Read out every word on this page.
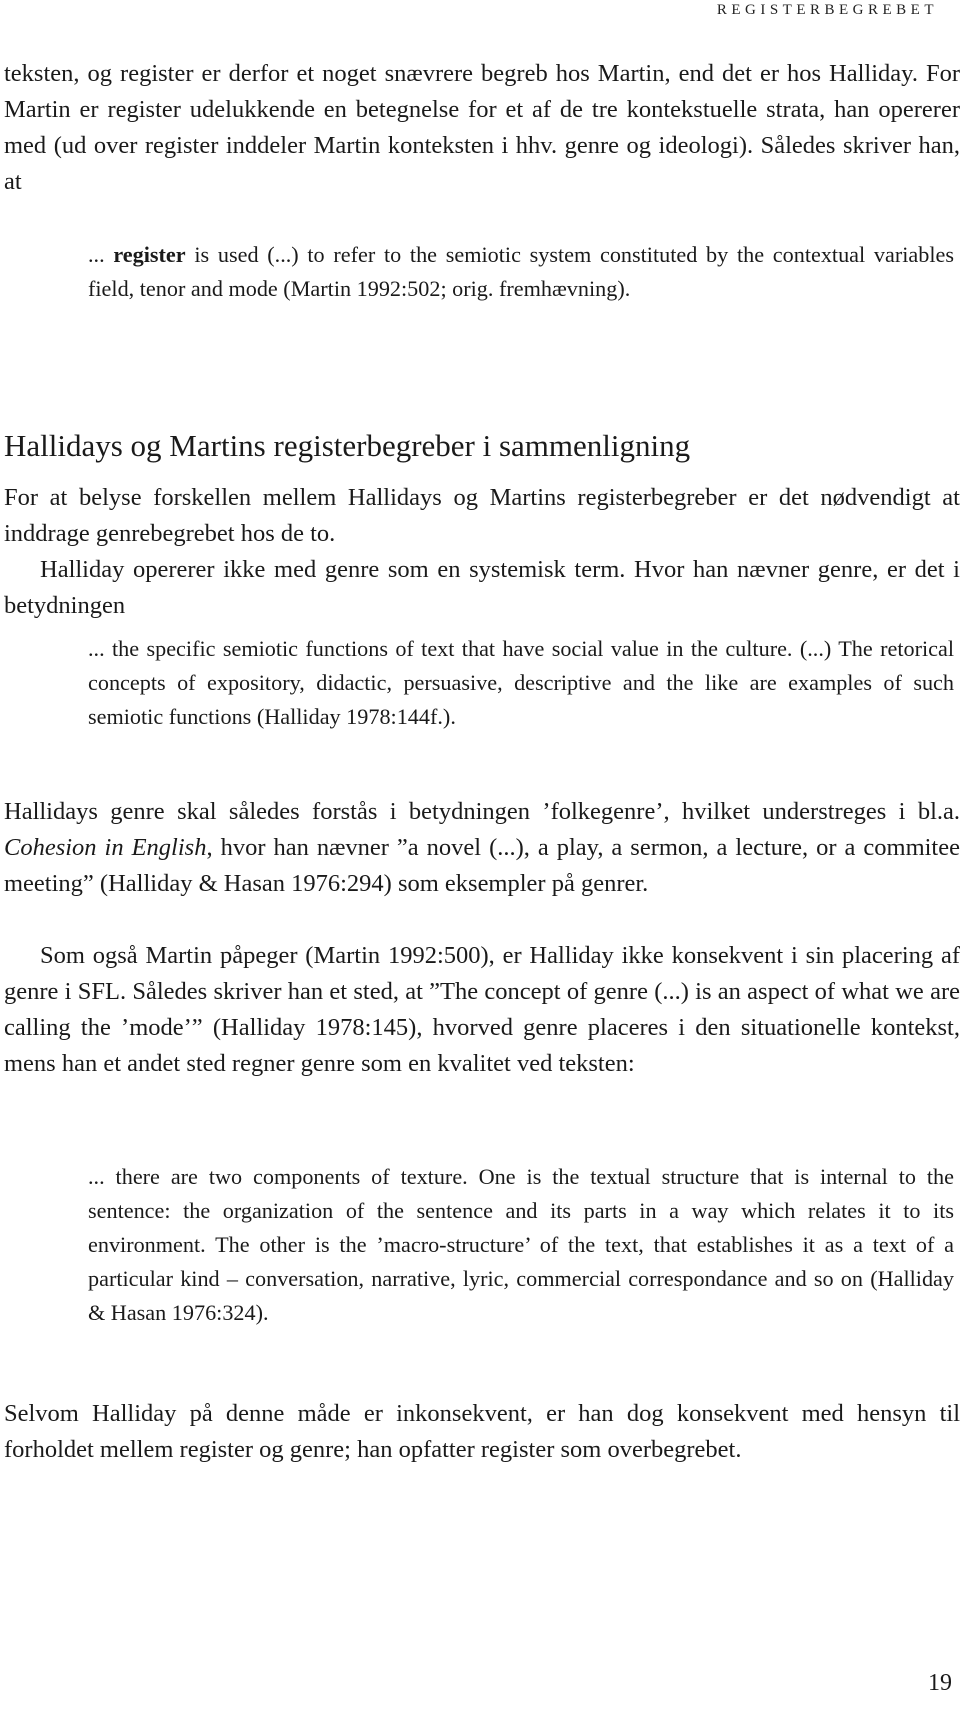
REGISTERBEGREBET

teksten, og register er derfor et noget snævrere begreb hos Martin, end det er hos Halliday. For Martin er register udelukkende en betegnelse for et af de tre kontekstuelle strata, han opererer med (ud over register inddeler Martin konteksten i hhv. genre og ideologi). Således skriver han, at

... register is used (...) to refer to the semiotic system constituted by the contextual variables field, tenor and mode (Martin 1992:502; orig. fremhævning).

Hallidays og Martins registerbegreber i sammenligning

For at belyse forskellen mellem Hallidays og Martins registerbegreber er det nødvendigt at inddrage genrebegrebet hos de to.

Halliday opererer ikke med genre som en systemisk term. Hvor han nævner genre, er det i betydningen

... the specific semiotic functions of text that have social value in the culture. (...) The retorical concepts of expository, didactic, persuasive, descriptive and the like are examples of such semiotic functions (Halliday 1978:144f.).

Hallidays genre skal således forstås i betydningen ’folkegenre’, hvilket understreges i bl.a. Cohesion in English, hvor han nævner ”a novel (...), a play, a sermon, a lecture, or a commitee meeting” (Halliday & Hasan 1976:294) som eksempler på genrer.

Som også Martin påpeger (Martin 1992:500), er Halliday ikke konsekvent i sin placering af genre i SFL. Således skriver han et sted, at ”The concept of genre (...) is an aspect of what we are calling the ’mode’” (Halliday 1978:145), hvorved genre placeres i den situationelle kontekst, mens han et andet sted regner genre som en kvalitet ved teksten:

... there are two components of texture. One is the textual structure that is internal to the sentence: the organization of the sentence and its parts in a way which relates it to its environment. The other is the ’macro-structure’ of the text, that establishes it as a text of a particular kind – conversation, narrative, lyric, commercial correspondance and so on (Halliday & Hasan 1976:324).

Selvom Halliday på denne måde er inkonsekvent, er han dog konsekvent med hensyn til forholdet mellem register og genre; han opfatter register som overbegrebet.

19
